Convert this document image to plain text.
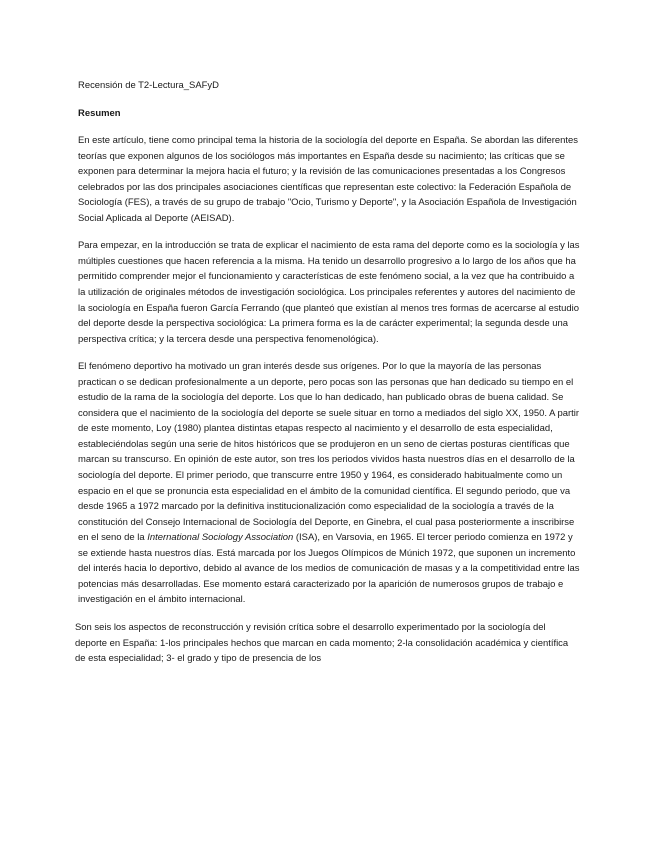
Recensión de T2-Lectura_SAFyD
Resumen

En este artículo, tiene como principal tema la historia de la sociología del deporte en España. Se abordan las diferentes teorías que exponen algunos de los sociólogos más importantes en España desde su nacimiento; las críticas que se exponen para determinar la mejora hacia el futuro; y la revisión de las comunicaciones presentadas a los Congresos celebrados por las dos principales asociaciones científicas que representan este colectivo: la Federación Española de Sociología (FES), a través de su grupo de trabajo "Ocio, Turismo y Deporte", y la Asociación Española de Investigación Social Aplicada al Deporte (AEISAD).

Para empezar, en la introducción se trata de explicar el nacimiento de esta rama del deporte como es la sociología y las múltiples cuestiones que hacen referencia a la misma. Ha tenido un desarrollo progresivo a lo largo de los años que ha permitido comprender mejor el funcionamiento y características de este fenómeno social, a la vez que ha contribuido a la utilización de originales métodos de investigación sociológica. Los principales referentes y autores del nacimiento de la sociología en España fueron García Ferrando (que planteó que existían al menos tres formas de acercarse al estudio del deporte desde la perspectiva sociológica: La primera forma es la de carácter experimental; la segunda desde una perspectiva crítica; y la tercera desde una perspectiva fenomenológica).

El fenómeno deportivo ha motivado un gran interés desde sus orígenes. Por lo que la mayoría de las personas practican o se dedican profesionalmente a un deporte, pero pocas son las personas que han dedicado su tiempo en el estudio de la rama de la sociología del deporte. Los que lo han dedicado, han publicado obras de buena calidad. Se considera que el nacimiento de la sociología del deporte se suele situar en torno a mediados del siglo XX, 1950. A partir de este momento, Loy (1980) plantea distintas etapas respecto al nacimiento y el desarrollo de esta especialidad, estableciéndolas según una serie de hitos históricos que se produjeron en un seno de ciertas posturas científicas que marcan su transcurso. En opinión de este autor, son tres los periodos vividos hasta nuestros días en el desarrollo de la sociología del deporte. El primer periodo, que transcurre entre 1950 y 1964, es considerado habitualmente como un espacio en el que se pronuncia esta especialidad en el ámbito de la comunidad científica. El segundo periodo, que va desde 1965 a 1972 marcado por la definitiva institucionalización como especialidad de la sociología a través de la constitución del Consejo Internacional de Sociología del Deporte, en Ginebra, el cual pasa posteriormente a inscribirse en el seno de la International Sociology Association (ISA), en Varsovia, en 1965. El tercer periodo comienza en 1972 y se extiende hasta nuestros días. Está marcada por los Juegos Olímpicos de Múnich 1972, que suponen un incremento del interés hacia lo deportivo, debido al avance de los medios de comunicación de masas y a la competitividad entre las potencias más desarrolladas. Ese momento estará caracterizado por la aparición de numerosos grupos de trabajo e investigación en el ámbito internacional.

Son seis los aspectos de reconstrucción y revisión crítica sobre el desarrollo experimentado por la sociología del deporte en España: 1-los principales hechos que marcan en cada momento; 2-la consolidación académica y científica de esta especialidad; 3- el grado y tipo de presencia de los
